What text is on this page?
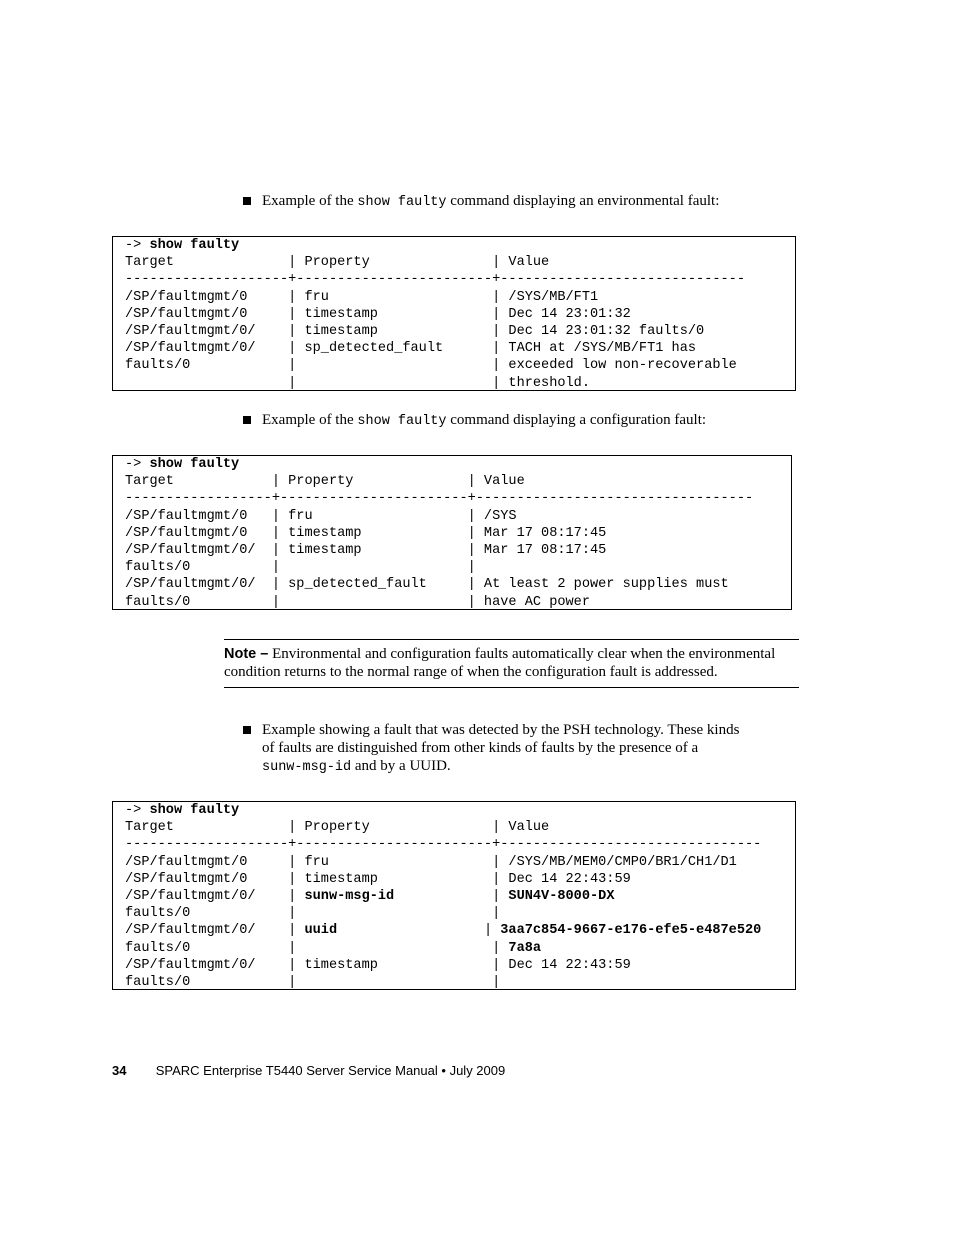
Example of the show faulty command displaying an environmental fault:
-> show faulty
Target              | Property               | Value
--------------------+------------------------+------------------------------
/SP/faultmgmt/0     | fru                    | /SYS/MB/FT1
/SP/faultmgmt/0     | timestamp              | Dec 14 23:01:32
/SP/faultmgmt/0/    | timestamp              | Dec 14 23:01:32 faults/0
/SP/faultmgmt/0/    | sp_detected_fault      | TACH at /SYS/MB/FT1 has
faults/0            |                        | exceeded low non-recoverable
|                        | threshold.
Example of the show faulty command displaying a configuration fault:
-> show faulty
Target            | Property              | Value
------------------+-----------------------+----------------------------------
/SP/faultmgmt/0   | fru                   | /SYS
/SP/faultmgmt/0   | timestamp             | Mar 17 08:17:45
/SP/faultmgmt/0/  | timestamp             | Mar 17 08:17:45
faults/0          |                       |
/SP/faultmgmt/0/  | sp_detected_fault     | At least 2 power supplies must
faults/0          |                       | have AC power

Note – Environmental and configuration faults automatically clear when the environmental condition returns to the normal range of when the configuration fault is addressed.

Example showing a fault that was detected by the PSH technology. These kinds
of faults are distinguished from other kinds of faults by the presence of a
sunw-msg-id and by a UUID.
-> show faulty
Target              | Property               | Value
--------------------+------------------------+--------------------------------
/SP/faultmgmt/0     | fru                    | /SYS/MB/MEM0/CMP0/BR1/CH1/D1
/SP/faultmgmt/0     | timestamp              | Dec 14 22:43:59
/SP/faultmgmt/0/    | sunw-msg-id            | SUN4V-8000-DX
faults/0            |                        |
/SP/faultmgmt/0/    | uuid                  | 3aa7c854-9667-e176-efe5-e487e520
faults/0            |                        | 7a8a
/SP/faultmgmt/0/    | timestamp              | Dec 14 22:43:59
faults/0            |                        |
34 SPARC Enterprise T5440 Server Service Manual • July 2009
